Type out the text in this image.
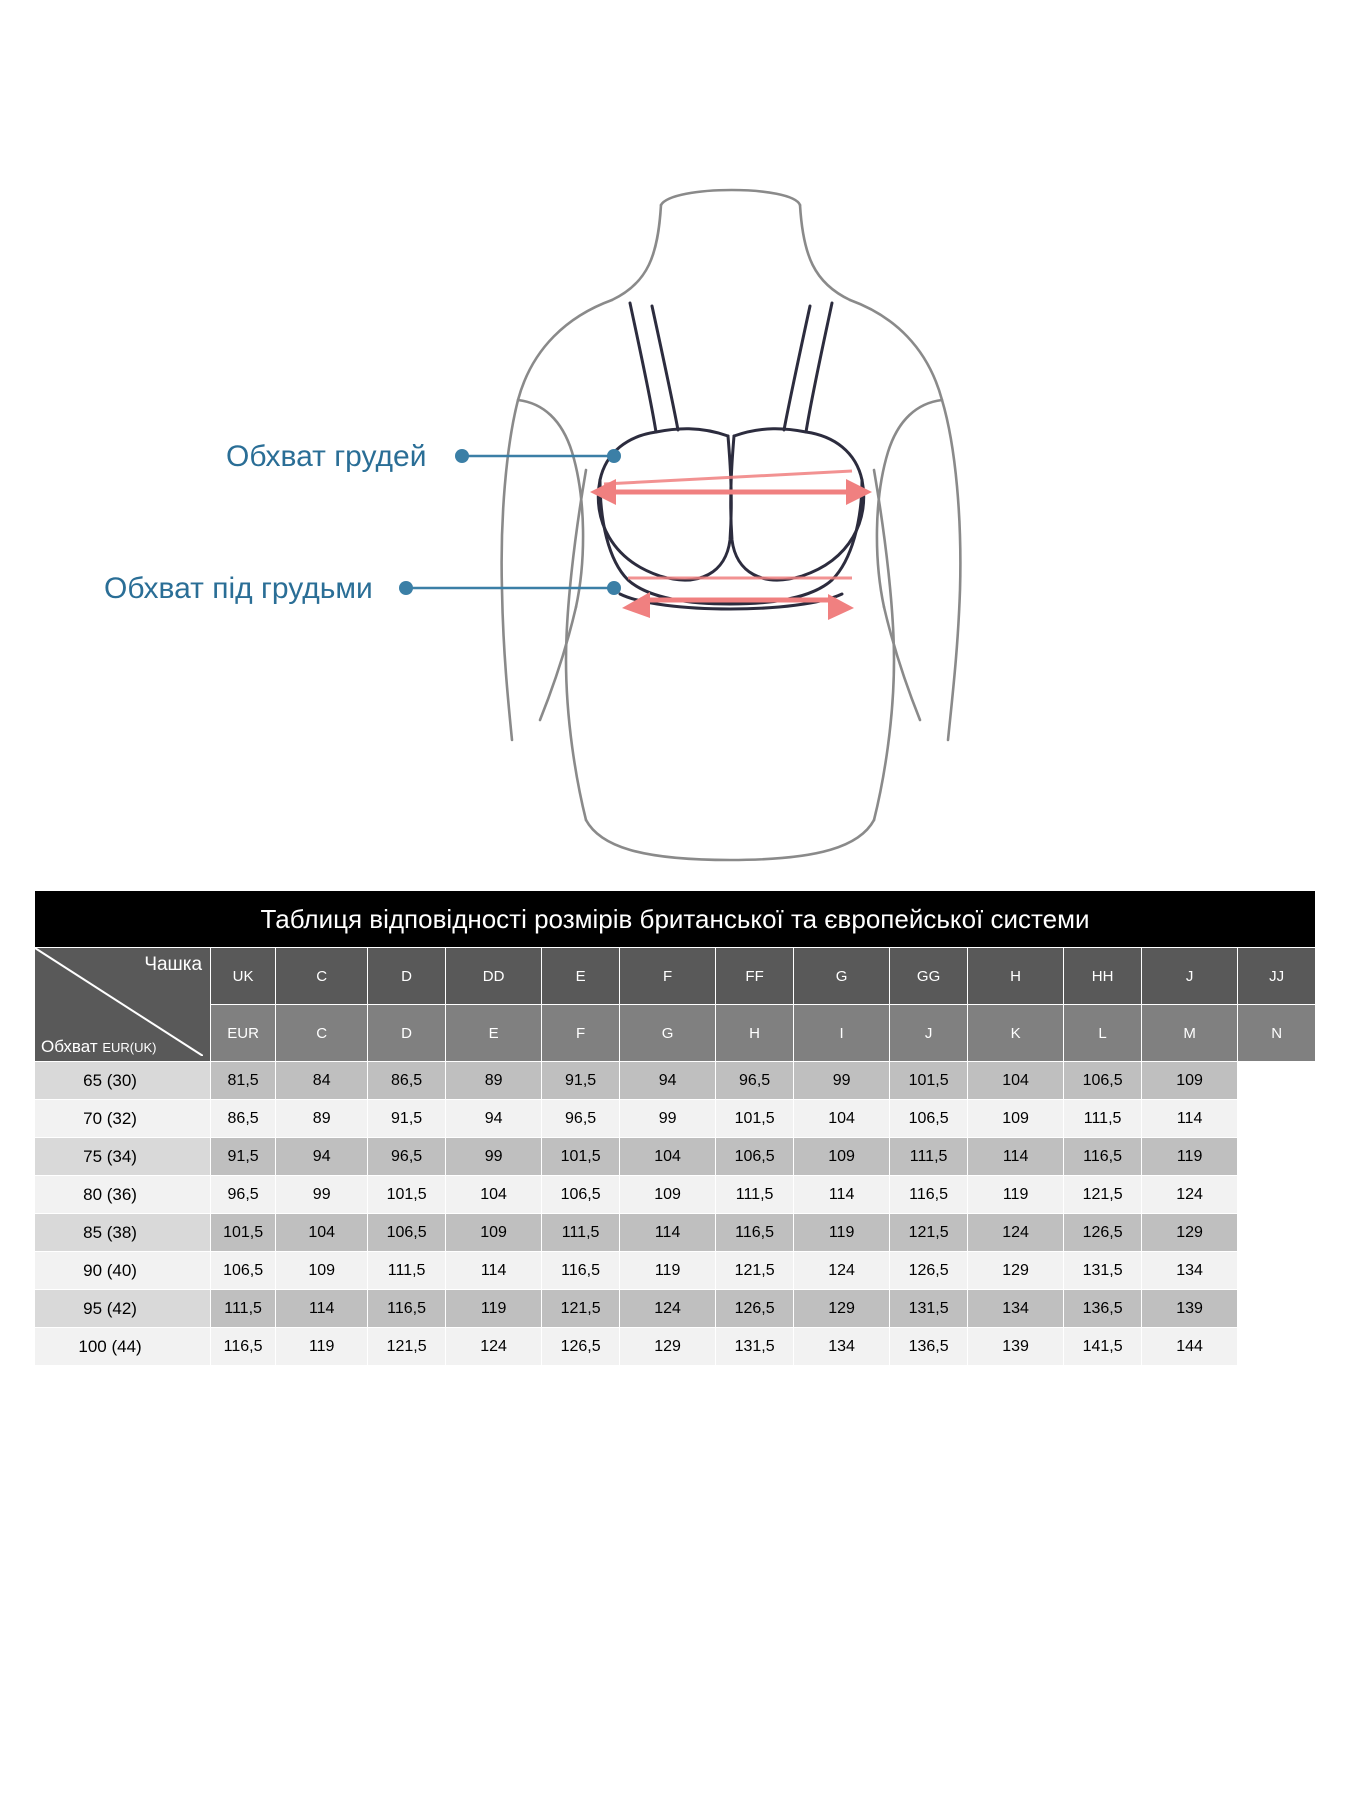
Обхват грудей
Обхват під грудьми
Таблиця відповідності розмірів британської та європейської системи													

Чашка
Обхват EUR(UK)	UK	C	D	DD	E	F	FF	G	GG	H	HH	J	JJ
	EUR	C	D	E	F	G	H	I	J	K	L	M	N
65 (30)	81,5	84	86,5	89	91,5	94	96,5	99	101,5	104	106,5	109	
70 (32)	86,5	89	91,5	94	96,5	99	101,5	104	106,5	109	111,5	114	
75 (34)	91,5	94	96,5	99	101,5	104	106,5	109	111,5	114	116,5	119	
80 (36)	96,5	99	101,5	104	106,5	109	111,5	114	116,5	119	121,5	124	
85 (38)	101,5	104	106,5	109	111,5	114	116,5	119	121,5	124	126,5	129	
90 (40)	106,5	109	111,5	114	116,5	119	121,5	124	126,5	129	131,5	134	
95 (42)	111,5	114	116,5	119	121,5	124	126,5	129	131,5	134	136,5	139	
100 (44)	116,5	119	121,5	124	126,5	129	131,5	134	136,5	139	141,5	144	
